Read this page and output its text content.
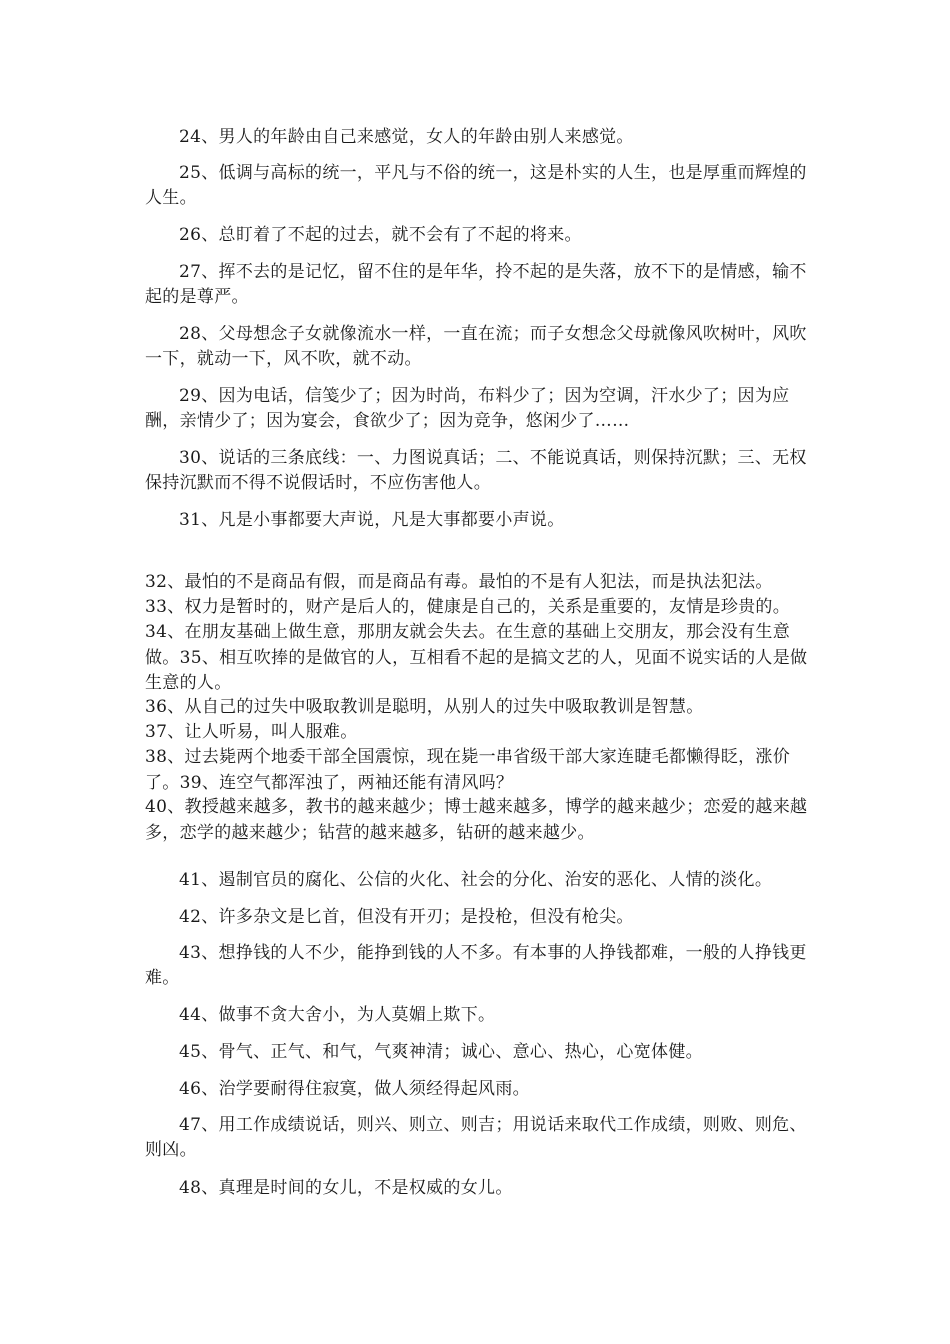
24、男人的年龄由自己来感觉，女人的年龄由别人来感觉。

25、低调与高标的统一，平凡与不俗的统一，这是朴实的人生，也是厚重而辉煌的人生。

26、总盯着了不起的过去，就不会有了不起的将来。

27、挥不去的是记忆，留不住的是年华，拎不起的是失落，放不下的是情感，输不起的是尊严。

28、父母想念子女就像流水一样，一直在流；而子女想念父母就像风吹树叶，风吹一下，就动一下，风不吹，就不动。

29、因为电话，信笺少了；因为时尚，布料少了；因为空调，汗水少了；因为应酬，亲情少了；因为宴会，食欲少了；因为竞争，悠闲少了……

30、说话的三条底线：一、力图说真话；二、不能说真话，则保持沉默；三、无权保持沉默而不得不说假话时，不应伤害他人。

31、凡是小事都要大声说，凡是大事都要小声说。

32、最怕的不是商品有假，而是商品有毒。最怕的不是有人犯法，而是执法犯法。

33、权力是暂时的，财产是后人的，健康是自己的，关系是重要的，友情是珍贵的。

34、在朋友基础上做生意，那朋友就会失去。在生意的基础上交朋友，那会没有生意做。35、相互吹捧的是做官的人，互相看不起的是搞文艺的人，见面不说实话的人是做生意的人。

36、从自己的过失中吸取教训是聪明，从别人的过失中吸取教训是智慧。

37、让人听易，叫人服难。

38、过去毙两个地委干部全国震惊，现在毙一串省级干部大家连睫毛都懒得眨，涨价了。39、连空气都浑浊了，两袖还能有清风吗？

40、教授越来越多，教书的越来越少；博士越来越多，博学的越来越少；恋爱的越来越多，恋学的越来越少；钻营的越来越多，钻研的越来越少。

41、遏制官员的腐化、公信的火化、社会的分化、治安的恶化、人情的淡化。

42、许多杂文是匕首，但没有开刃；是投枪，但没有枪尖。

43、想挣钱的人不少，能挣到钱的人不多。有本事的人挣钱都难，一般的人挣钱更难。

44、做事不贪大舍小，为人莫媚上欺下。

45、骨气、正气、和气，气爽神清；诚心、意心、热心，心宽体健。

46、治学要耐得住寂寞，做人须经得起风雨。

47、用工作成绩说话，则兴、则立、则吉；用说话来取代工作成绩，则败、则危、则凶。

48、真理是时间的女儿，不是权威的女儿。
